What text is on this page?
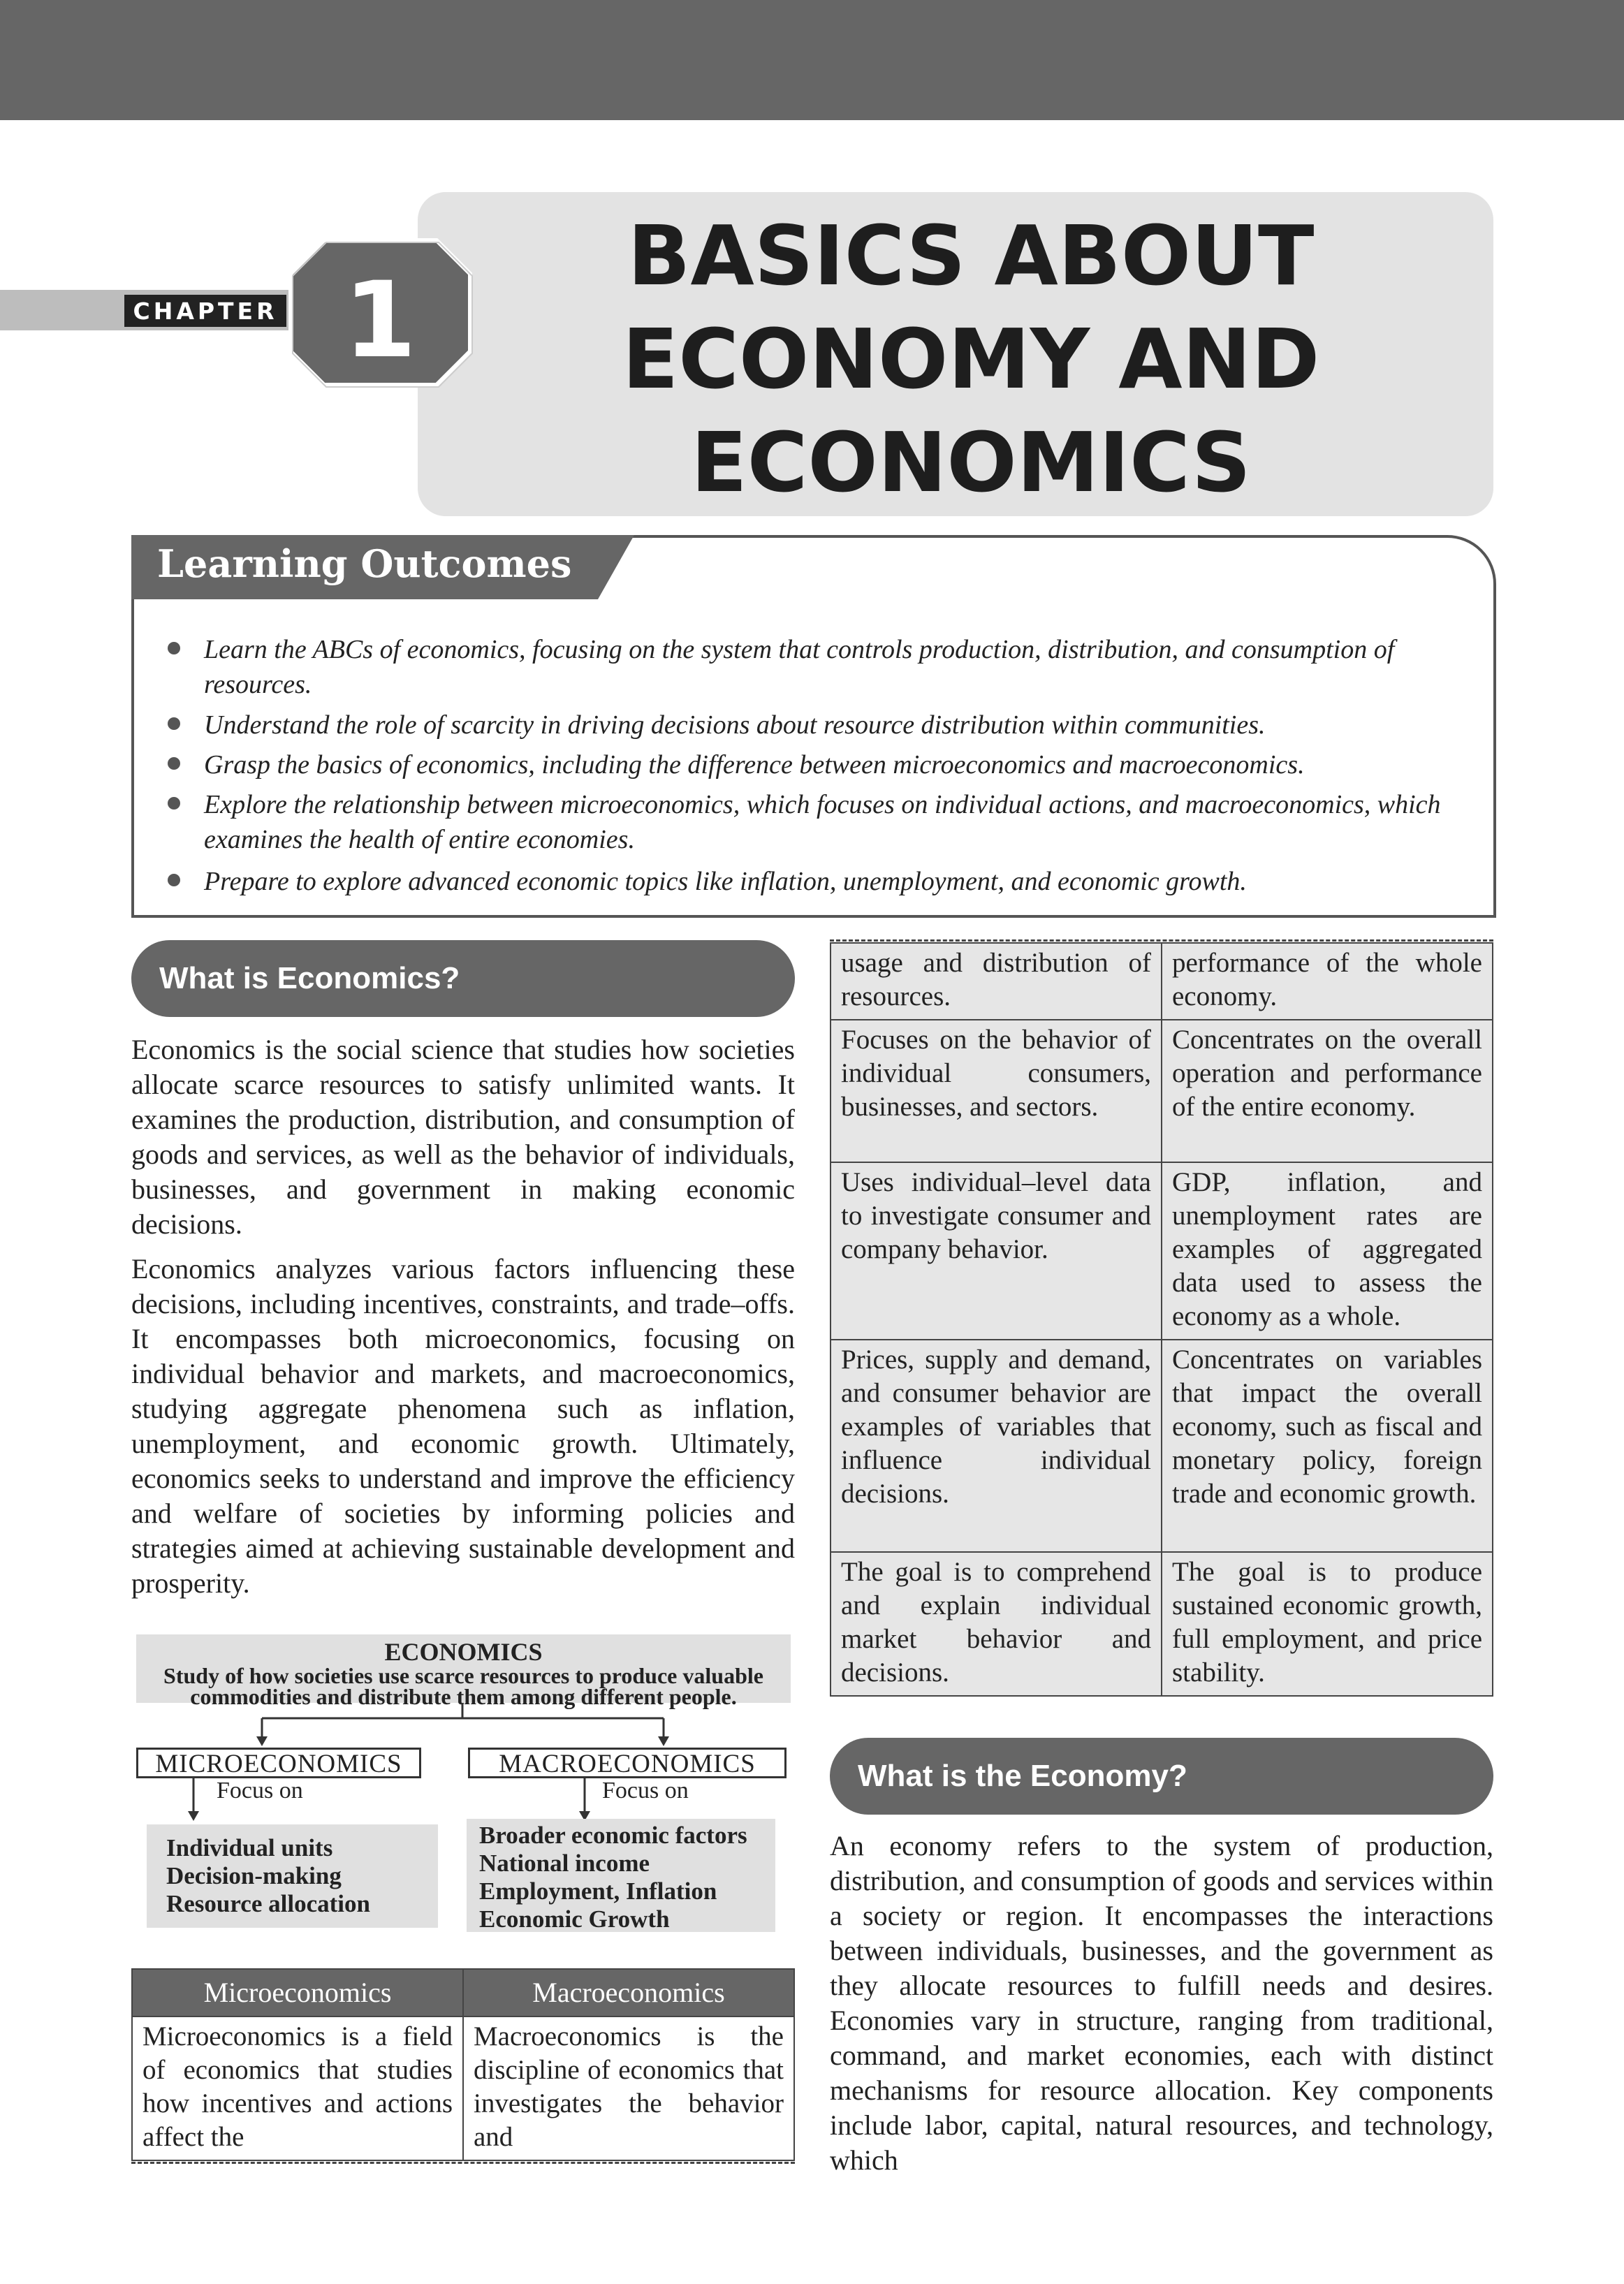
CHAPTER 1
BASICS ABOUT
ECONOMY AND
ECONOMICS
Learning Outcomes
Learn the ABCs of economics, focusing on the system that controls production, distribution, and consumption of resources.
Understand the role of scarcity in driving decisions about resource distribution within communities.
Grasp the basics of economics, including the difference between microeconomics and macroeconomics.
Explore the relationship between microeconomics, which focuses on individual actions, and macroeconomics, which examines the health of entire economies.
Prepare to explore advanced economic topics like inflation, unemployment, and economic growth.
What is Economics?

Economics is the social science that studies how societies allocate scarce resources to satisfy unlimited wants. It examines the production, distribution, and consumption of goods and services, as well as the behavior of individuals, businesses, and government in making economic decisions.

Economics analyzes various factors influencing these decisions, including incentives, constraints, and trade–offs. It encompasses both microeconomics, focusing on individual behavior and markets, and macroeconomics, studying aggregate phenomena such as inflation, unemployment, and economic growth. Ultimately, economics seeks to understand and improve the efficiency and welfare of societies by informing policies and strategies aimed at achieving sustainable development and prosperity.

ECONOMICS
Study of how societies use scarce resources to produce valuable commodities and distribute them among different people.
MICROECONOMICS	MACROECONOMICS
Focus on	Focus on
Individual units
Decision-making
Resource allocation
Broader economic factors
National income
Employment, Inflation
Economic Growth
Microeconomics	Macroeconomics
Microeconomics is a field of economics that studies how incentives and actions affect the	Macroeconomics is the discipline of economics that investigates the behavior and
usage and distribution of resources.	performance of the whole economy.
Focuses on the behavior of individual consumers, businesses, and sectors.	Concentrates on the overall operation and performance of the entire economy.
Uses individual–level data to investigate consumer and company behavior.	GDP, inflation, and unemployment rates are examples of aggregated data used to assess the economy as a whole.
Prices, supply and demand, and consumer behavior are examples of variables that influence individual decisions.	Concentrates on variables that impact the overall economy, such as fiscal and monetary policy, foreign trade and economic growth.
The goal is to comprehend and explain individual market behavior and decisions.	The goal is to produce sustained economic growth, full employment, and price stability.
What is the Economy?

An economy refers to the system of production, distribution, and consumption of goods and services within a society or region. It encompasses the interactions between individuals, businesses, and the government as they allocate resources to fulfill needs and desires. Economies vary in structure, ranging from traditional, command, and market economies, each with distinct mechanisms for resource allocation. Key components include labor, capital, natural resources, and technology, which
